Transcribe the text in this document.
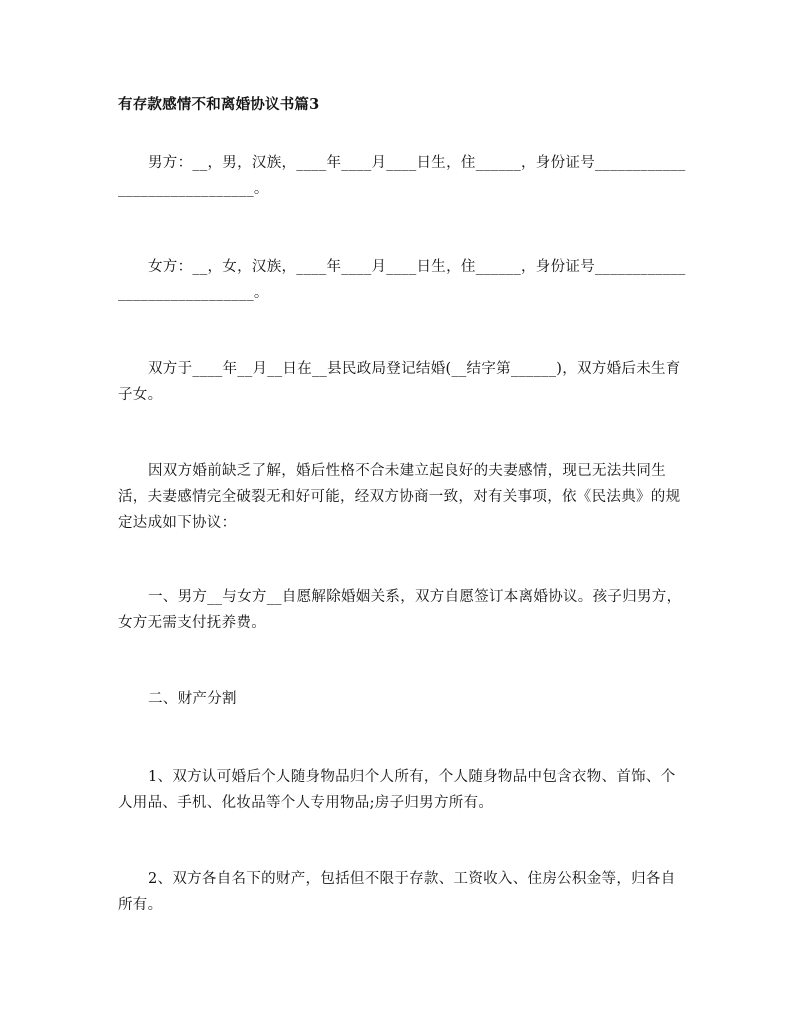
有存款感情不和离婚协议书篇3

男方：__，男，汉族，____年____月____日生，住______，身份证号______________________________。

女方：__，女，汉族，____年____月____日生，住______，身份证号______________________________。

双方于____年__月__日在__县民政局登记结婚(__结字第______)，双方婚后未生育子女。

因双方婚前缺乏了解，婚后性格不合未建立起良好的夫妻感情，现已无法共同生活，夫妻感情完全破裂无和好可能，经双方协商一致，对有关事项，依《民法典》的规定达成如下协议：

一、男方__与女方__自愿解除婚姻关系，双方自愿签订本离婚协议。孩子归男方，女方无需支付抚养费。

二、财产分割

1、双方认可婚后个人随身物品归个人所有，个人随身物品中包含衣物、首饰、个人用品、手机、化妆品等个人专用物品;房子归男方所有。

2、双方各自名下的财产，包括但不限于存款、工资收入、住房公积金等，归各自所有。
